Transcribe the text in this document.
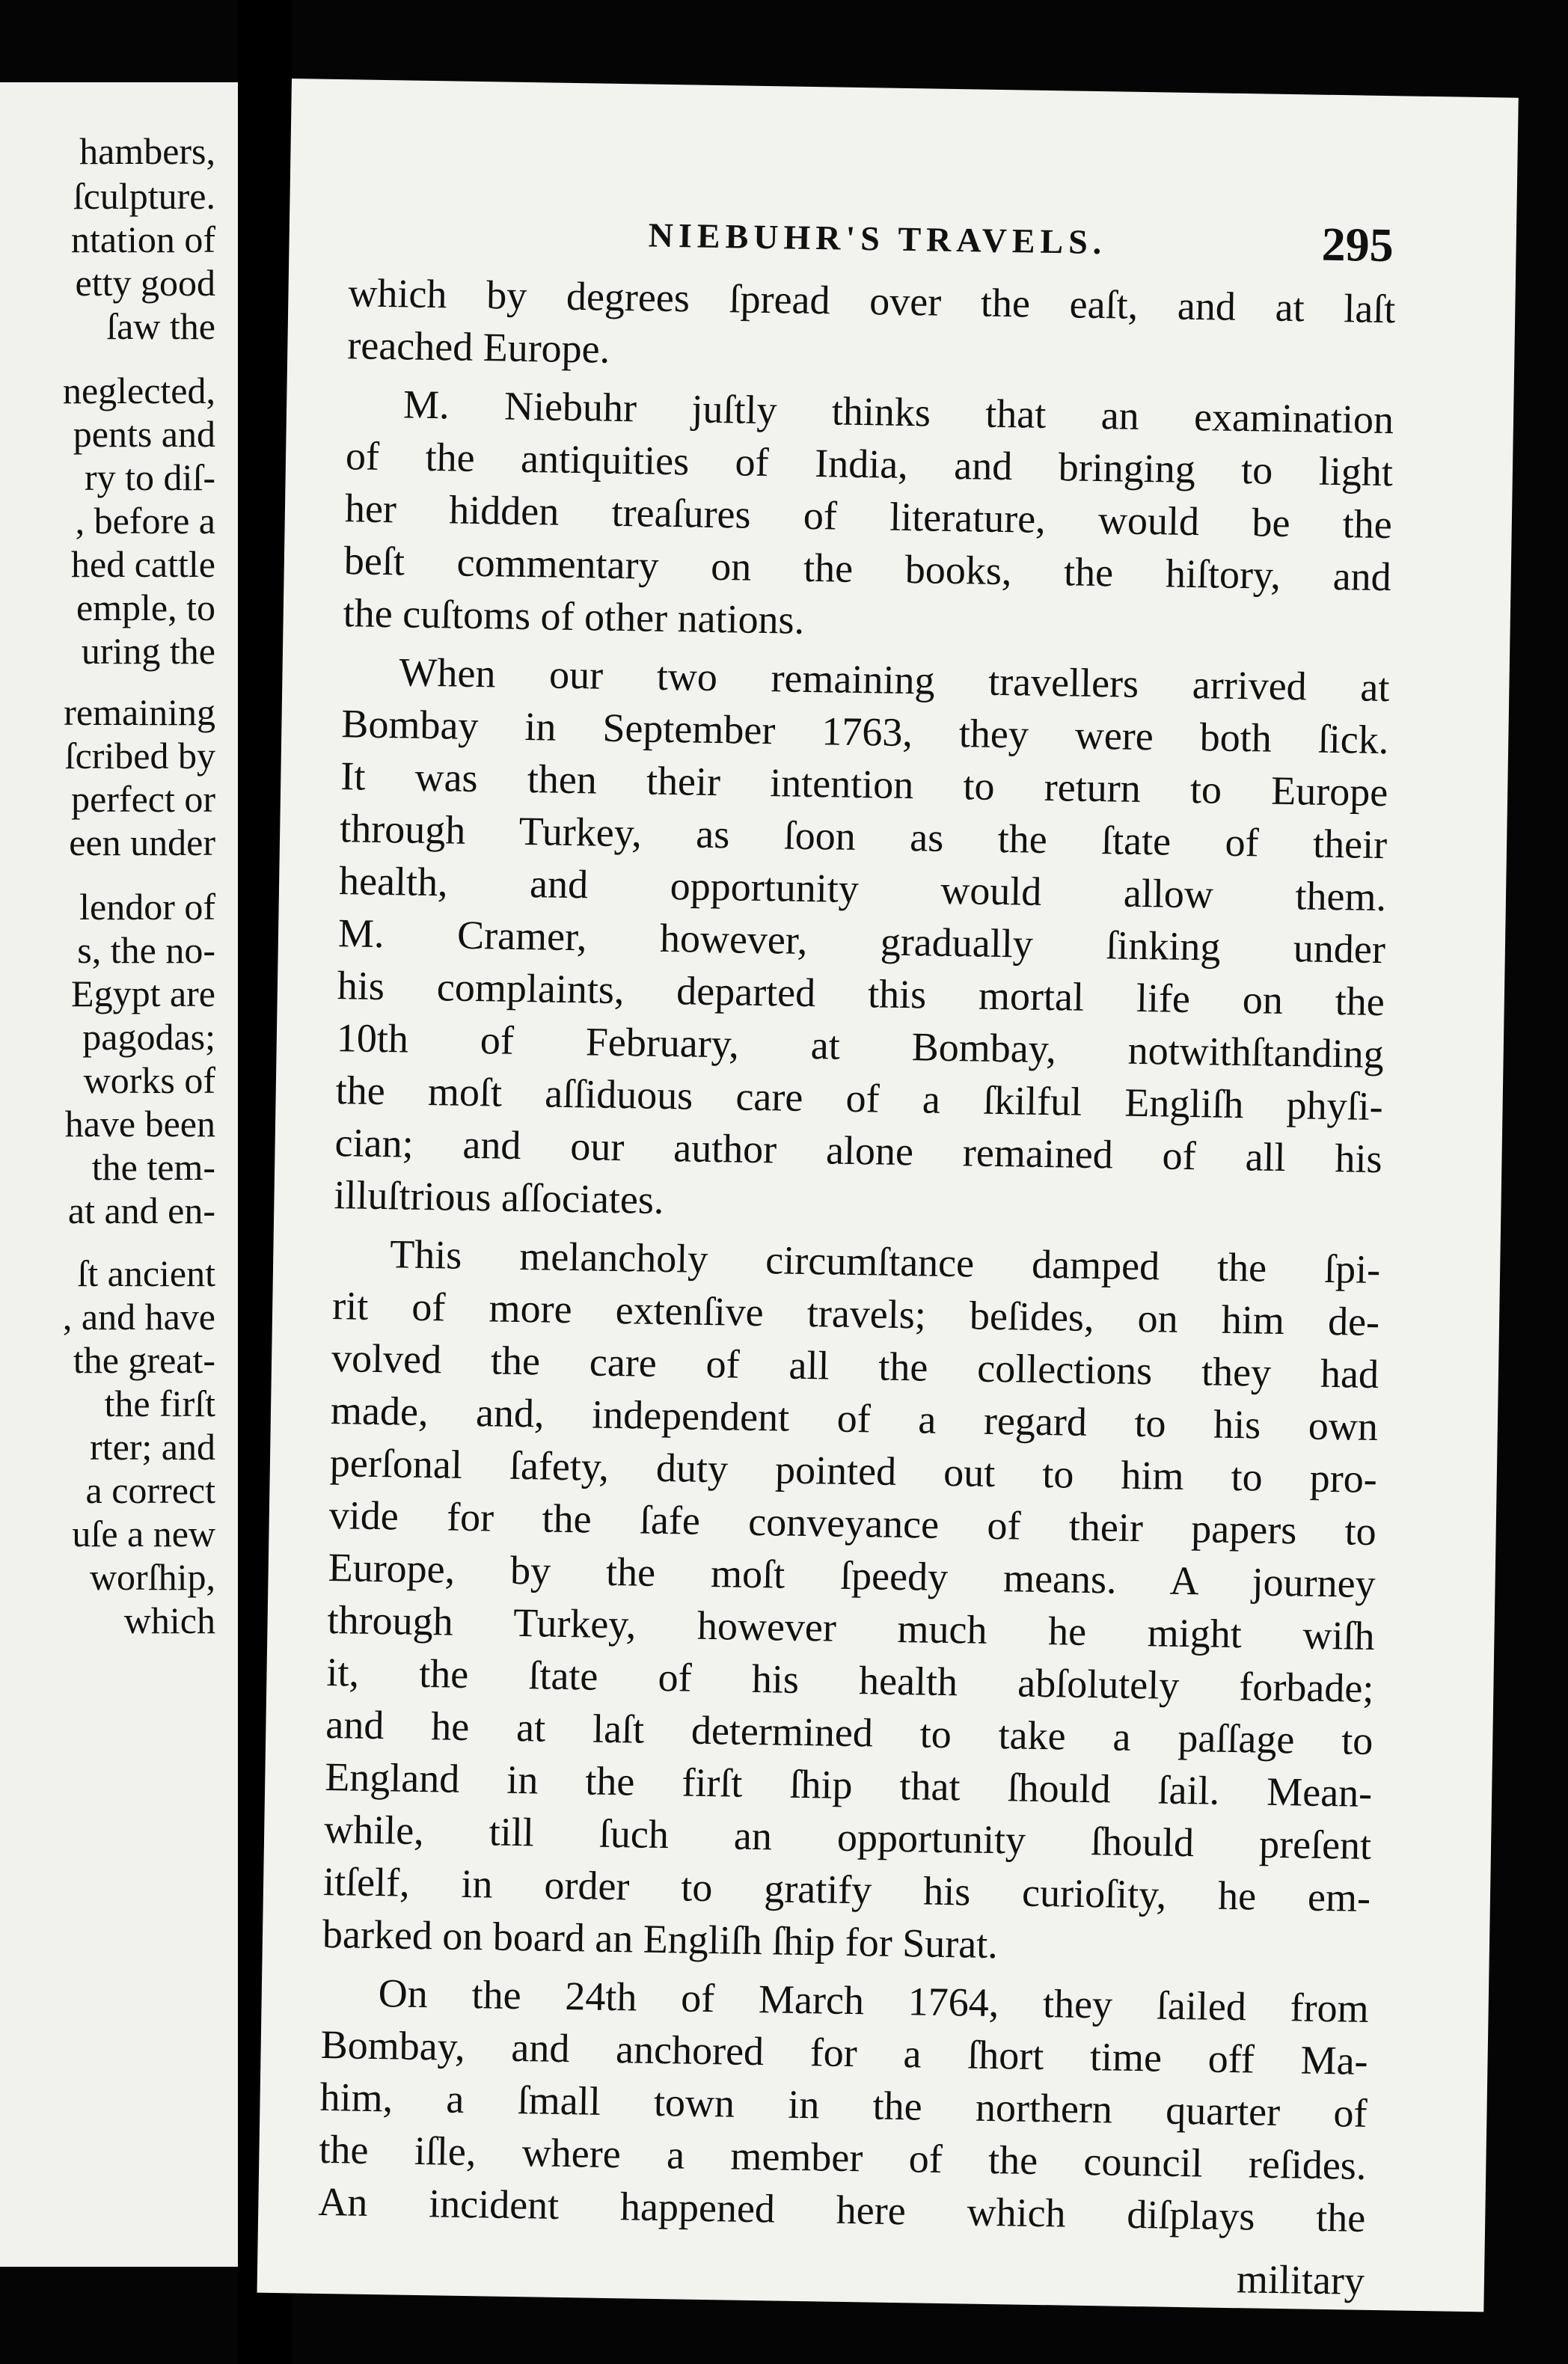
hambers,

ſculpture.

ntation of

etty good

ſaw the

neglected,

pents and

ry to diſ-

, before a

hed cattle

emple, to

uring the

remaining

ſcribed by

perfect or

een under

lendor of

s, the no-

Egypt are

pagodas;

works of

have been

the tem-

at and en-

ſt ancient

, and have

the great-

the firſt

rter; and

a correct

uſe a new

worſhip,

which

NIEBUHR'S TRAVELS.	295

which by degrees ſpread over the eaſt, and at laſt

reached Europe.

M. Niebuhr juſtly thinks that an examination

of the antiquities of India, and bringing to light

her hidden treaſures of literature, would be the

beſt commentary on the books, the hiſtory, and

the cuſtoms of other nations.

When our two remaining travellers arrived at

Bombay in September 1763, they were both ſick.

It was then their intention to return to Europe

through Turkey, as ſoon as the ſtate of their

health, and opportunity would allow them.

M. Cramer, however, gradually ſinking under

his complaints, departed this mortal life on the

10th of February, at Bombay, notwithſtanding

the moſt aſſiduous care of a ſkilful Engliſh phyſi-

cian; and our author alone remained of all his

illuſtrious aſſociates.

This melancholy circumſtance damped the ſpi-

rit of more extenſive travels; beſides, on him de-

volved the care of all the collections they had

made, and, independent of a regard to his own

perſonal ſafety, duty pointed out to him to pro-

vide for the ſafe conveyance of their papers to

Europe, by the moſt ſpeedy means. A journey

through Turkey, however much he might wiſh

it, the ſtate of his health abſolutely forbade;

and he at laſt determined to take a paſſage to

England in the firſt ſhip that ſhould ſail. Mean-

while, till ſuch an opportunity ſhould preſent

itſelf, in order to gratify his curioſity, he em-

barked on board an Engliſh ſhip for Surat.

On the 24th of March 1764, they ſailed from

Bombay, and anchored for a ſhort time off Ma-

him, a ſmall town in the northern quarter of

the iſle, where a member of the council reſides.

An incident happened here which diſplays the

military
